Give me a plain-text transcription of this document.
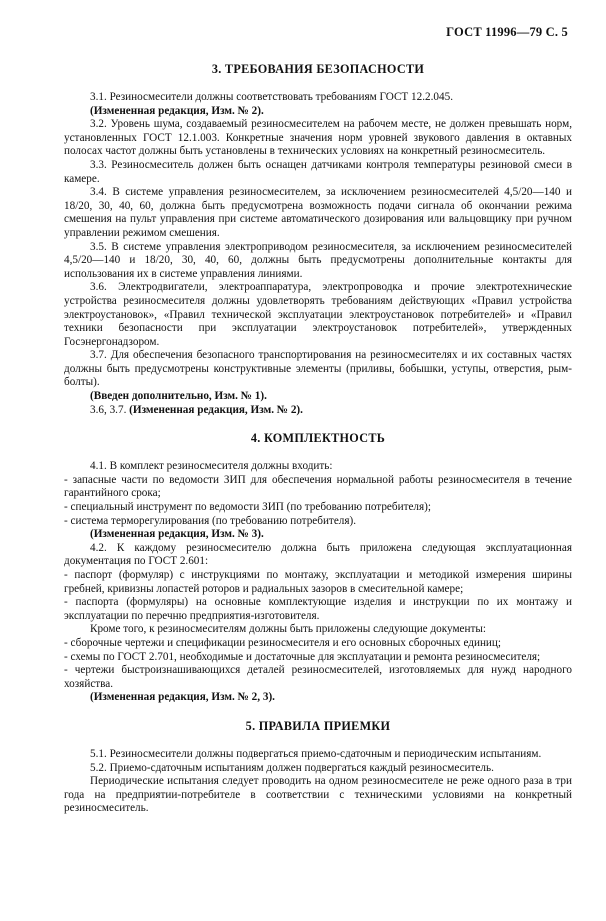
ГОСТ 11996—79 С. 5
3. ТРЕБОВАНИЯ БЕЗОПАСНОСТИ

3.1. Резиносмесители должны соответствовать требованиям ГОСТ 12.2.045.

(Измененная редакция, Изм. № 2).

3.2. Уровень шума, создаваемый резиносмесителем на рабочем месте, не должен превышать норм, установленных ГОСТ 12.1.003. Конкретные значения норм уровней звукового давления в октавных полосах частот должны быть установлены в технических условиях на конкретный резиносмеситель.

3.3. Резиносмеситель должен быть оснащен датчиками контроля температуры резиновой смеси в камере.

3.4. В системе управления резиносмесителем, за исключением резиносмесителей 4,5/20—140 и 18/20, 30, 40, 60, должна быть предусмотрена возможность подачи сигнала об окончании режима смешения на пульт управления при системе автоматического дозирования или вальцовщику при ручном управлении режимом смешения.

3.5. В системе управления электроприводом резиносмесителя, за исключением резиносмесителей 4,5/20—140 и 18/20, 30, 40, 60, должны быть предусмотрены дополнительные контакты для использования их в системе управления линиями.

3.6. Электродвигатели, электроаппаратура, электропроводка и прочие электротехнические устройства резиносмесителя должны удовлетворять требованиям действующих «Правил устройства электроустановок», «Правил технической эксплуатации электроустановок потребителей» и «Правил техники безопасности при эксплуатации электроустановок потребителей», утвержденных Госэнергонадзором.

3.7. Для обеспечения безопасного транспортирования на резиносмесителях и их составных частях должны быть предусмотрены конструктивные элементы (приливы, бобышки, уступы, отверстия, рым-болты).

(Введен дополнительно, Изм. № 1).

3.6, 3.7. (Измененная редакция, Изм. № 2).

4. КОМПЛЕКТНОСТЬ

4.1. В комплект резиносмесителя должны входить:

- запасные части по ведомости ЗИП для обеспечения нормальной работы резиносмесителя в течение гарантийного срока;

- специальный инструмент по ведомости ЗИП (по требованию потребителя);

- система терморегулирования (по требованию потребителя).

(Измененная редакция, Изм. № 3).

4.2. К каждому резиносмесителю должна быть приложена следующая эксплуатационная документация по ГОСТ 2.601:

- паспорт (формуляр) с инструкциями по монтажу, эксплуатации и методикой измерения ширины гребней, кривизны лопастей роторов и радиальных зазоров в смесительной камере;

- паспорта (формуляры) на основные комплектующие изделия и инструкции по их монтажу и эксплуатации по перечню предприятия-изготовителя.

Кроме того, к резиносмесителям должны быть приложены следующие документы:

- сборочные чертежи и спецификации резиносмесителя и его основных сборочных единиц;

- схемы по ГОСТ 2.701, необходимые и достаточные для эксплуатации и ремонта резиносмесителя;

- чертежи быстроизнашивающихся деталей резиносмесителей, изготовляемых для нужд народного хозяйства.

(Измененная редакция, Изм. № 2, 3).

5. ПРАВИЛА ПРИЕМКИ

5.1. Резиносмесители должны подвергаться приемо-сдаточным и периодическим испытаниям.

5.2. Приемо-сдаточным испытаниям должен подвергаться каждый резиносмеситель.

Периодические испытания следует проводить на одном резиносмесителе не реже одного раза в три года на предприятии-потребителе в соответствии с техническими условиями на конкретный резиносмеситель.
